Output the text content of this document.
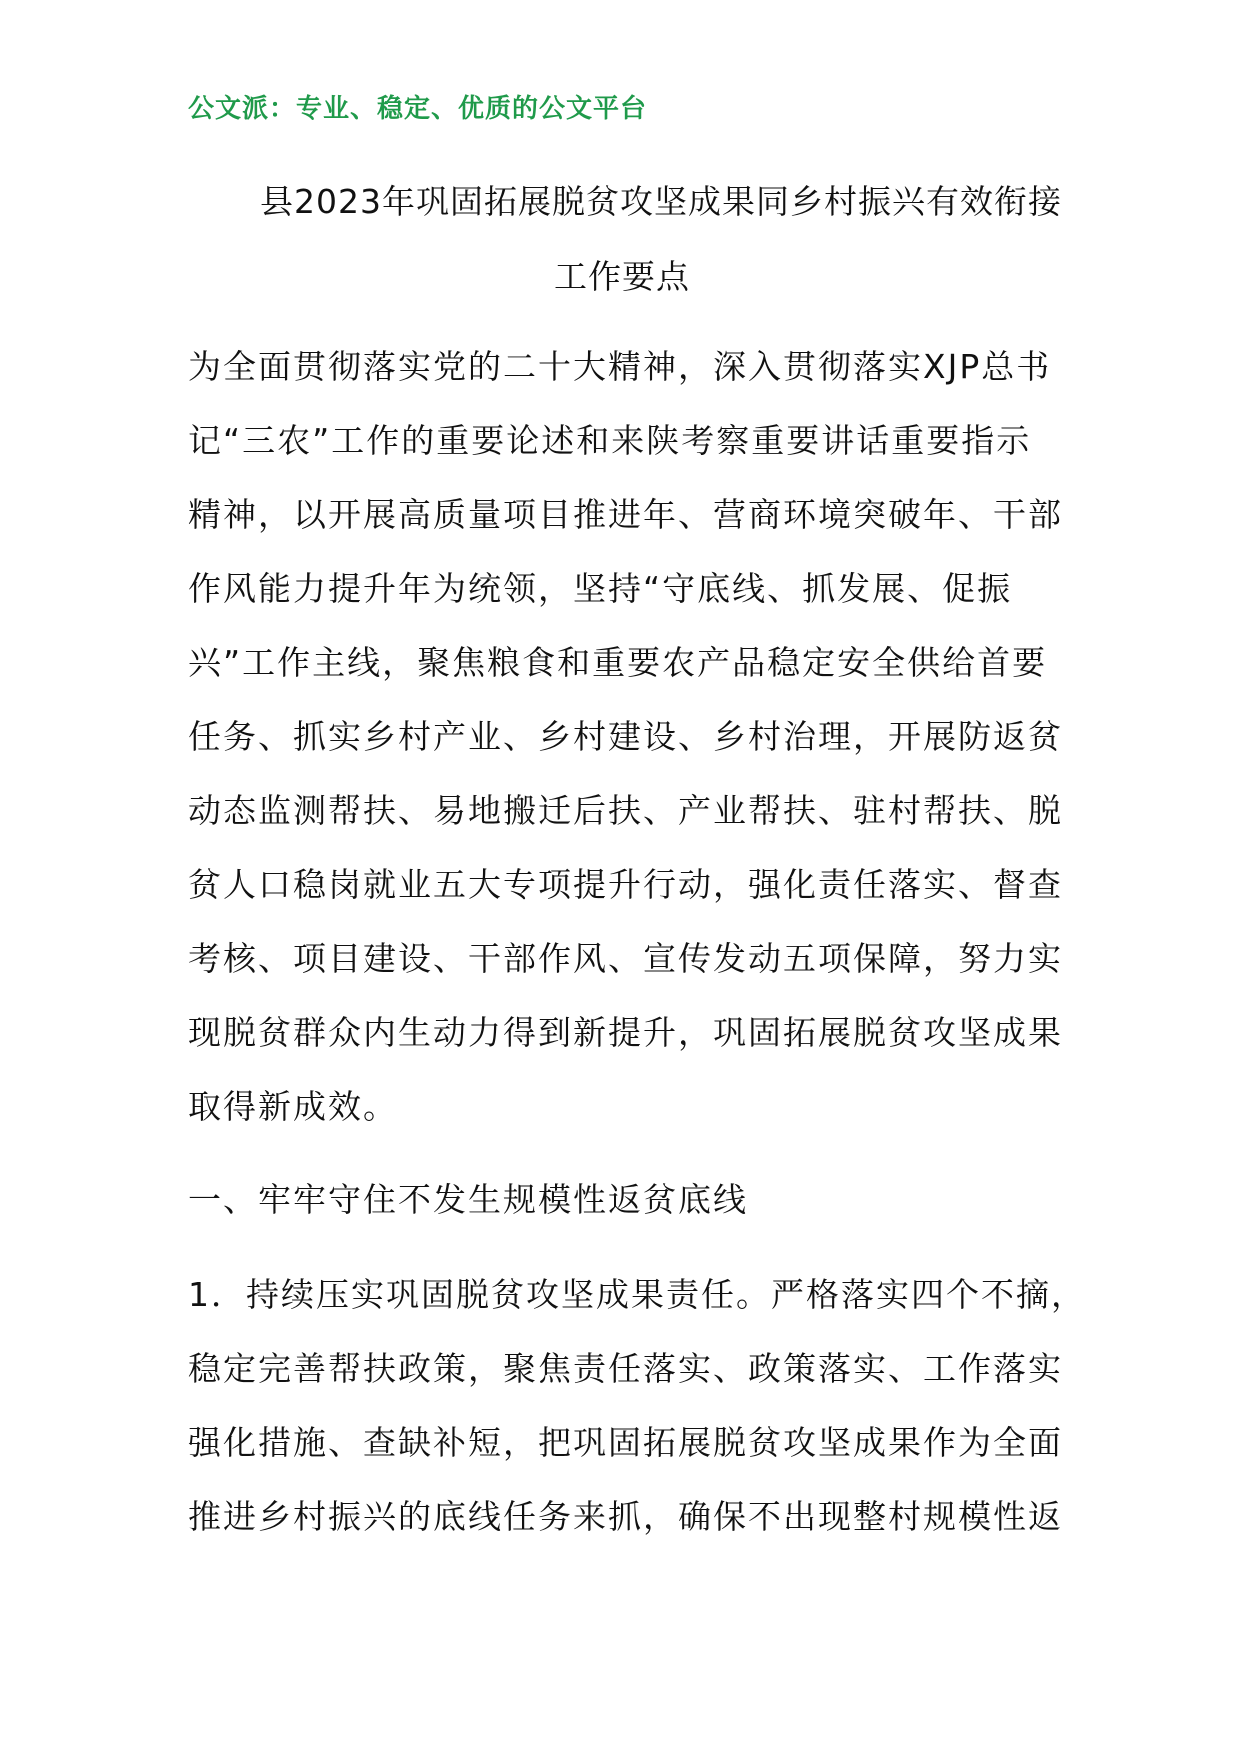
公文派：专业、稳定、优质的公文平台
县2023年巩固拓展脱贫攻坚成果同乡村振兴有效衔接
工作要点
为全面贯彻落实党的二十大精神，深入贯彻落实XJP总书
记“三农”工作的重要论述和来陕考察重要讲话重要指示
精神，以开展高质量项目推进年、营商环境突破年、干部
作风能力提升年为统领，坚持“守底线、抓发展、促振
兴”工作主线，聚焦粮食和重要农产品稳定安全供给首要
任务、抓实乡村产业、乡村建设、乡村治理，开展防返贫
动态监测帮扶、易地搬迁后扶、产业帮扶、驻村帮扶、脱
贫人口稳岗就业五大专项提升行动，强化责任落实、督查
考核、项目建设、干部作风、宣传发动五项保障，努力实
现脱贫群众内生动力得到新提升，巩固拓展脱贫攻坚成果
取得新成效。
一、牢牢守住不发生规模性返贫底线
1．持续压实巩固脱贫攻坚成果责任。严格落实四个不摘，
稳定完善帮扶政策，聚焦责任落实、政策落实、工作落实
强化措施、查缺补短，把巩固拓展脱贫攻坚成果作为全面
推进乡村振兴的底线任务来抓，确保不出现整村规模性返
